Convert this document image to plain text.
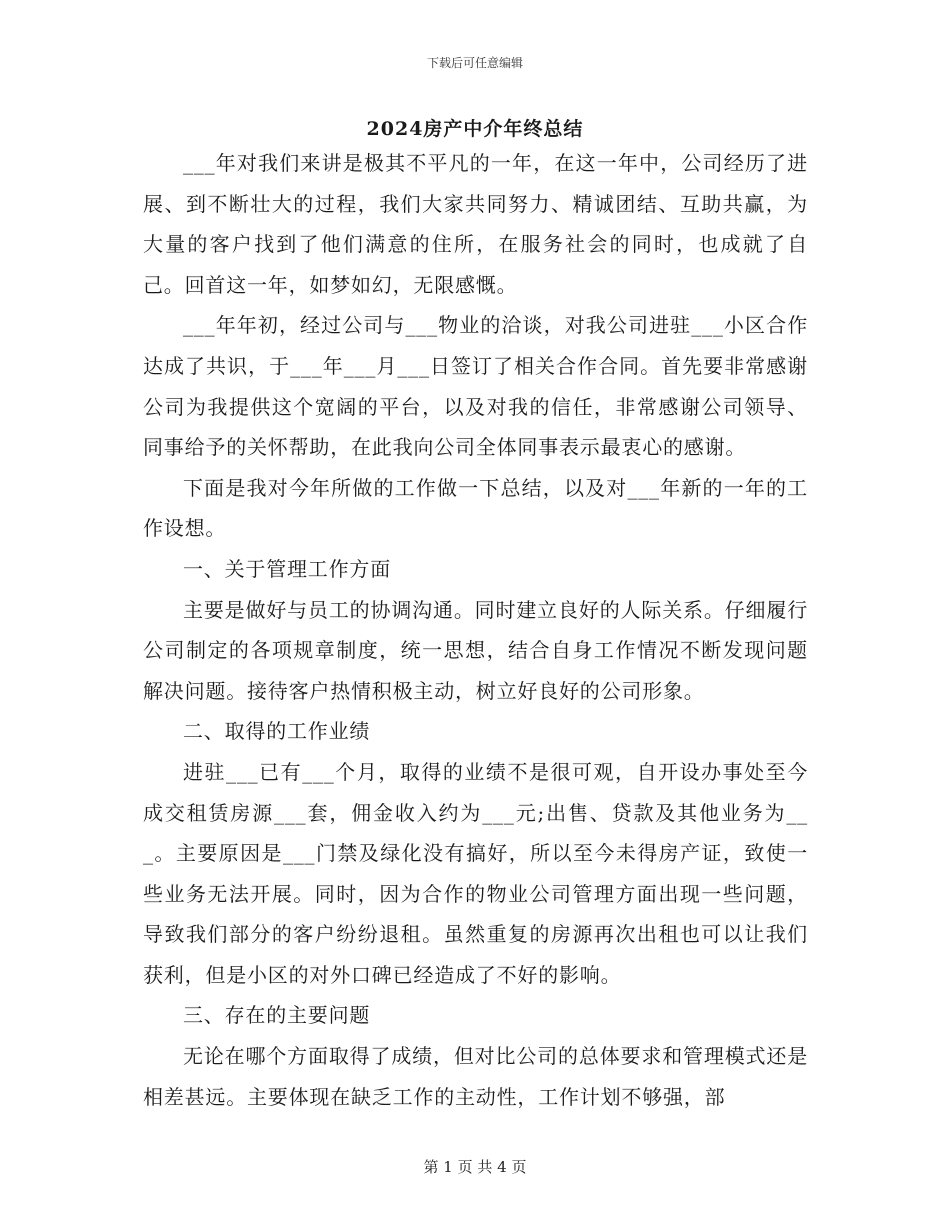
下载后可任意编辑
2024房产中介年终总结

___年对我们来讲是极其不平凡的一年，在这一年中，公司经历了进展、到不断壮大的过程，我们大家共同努力、精诚团结、互助共赢，为大量的客户找到了他们满意的住所，在服务社会的同时，也成就了自己。回首这一年，如梦如幻，无限感慨。

___年年初，经过公司与___物业的洽谈，对我公司进驻___小区合作达成了共识，于___年___月___日签订了相关合作合同。首先要非常感谢公司为我提供这个宽阔的平台，以及对我的信任，非常感谢公司领导、同事给予的关怀帮助，在此我向公司全体同事表示最衷心的感谢。

下面是我对今年所做的工作做一下总结，以及对___年新的一年的工作设想。

一、关于管理工作方面

主要是做好与员工的协调沟通。同时建立良好的人际关系。仔细履行公司制定的各项规章制度，统一思想，结合自身工作情况不断发现问题解决问题。接待客户热情积极主动，树立好良好的公司形象。

二、取得的工作业绩

进驻___已有___个月，取得的业绩不是很可观，自开设办事处至今成交租赁房源___套，佣金收入约为___元;出售、贷款及其他业务为___。主要原因是___门禁及绿化没有搞好，所以至今未得房产证，致使一些业务无法开展。同时，因为合作的物业公司管理方面出现一些问题，导致我们部分的客户纷纷退租。虽然重复的房源再次出租也可以让我们获利，但是小区的对外口碑已经造成了不好的影响。

三、存在的主要问题

无论在哪个方面取得了成绩，但对比公司的总体要求和管理模式还是相差甚远。主要体现在缺乏工作的主动性，工作计划不够强，部

第 1 页 共 4 页
